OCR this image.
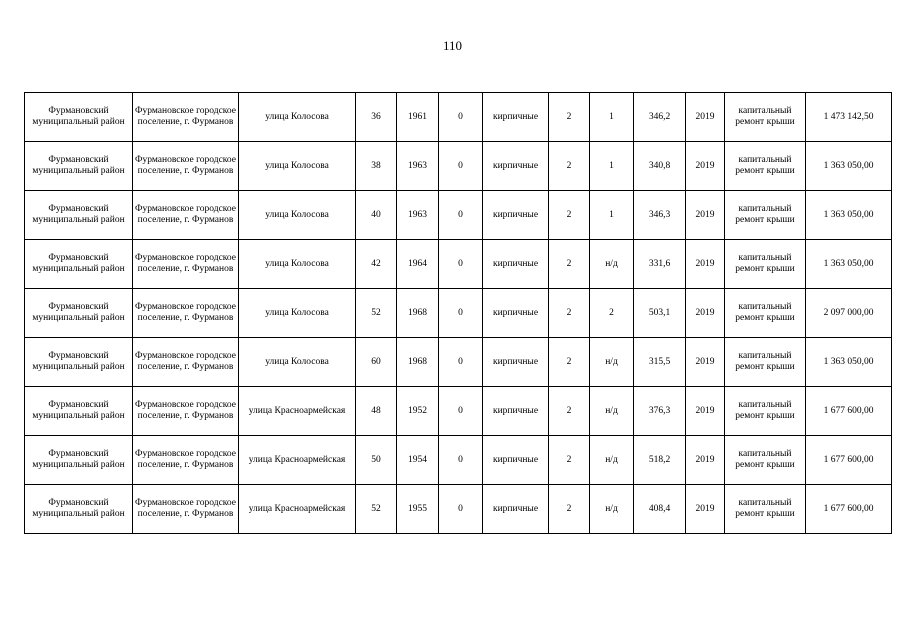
110
Фурмановский муниципальный район	Фурмановское городское поселение, г. Фурманов	улица Колосова	36	1961	0	кирпичные	2	1	346,2	2019	капитальный ремонт крыши	1 473 142,50
Фурмановский муниципальный район	Фурмановское городское поселение, г. Фурманов	улица Колосова	38	1963	0	кирпичные	2	1	340,8	2019	капитальный ремонт крыши	1 363 050,00
Фурмановский муниципальный район	Фурмановское городское поселение, г. Фурманов	улица Колосова	40	1963	0	кирпичные	2	1	346,3	2019	капитальный ремонт крыши	1 363 050,00
Фурмановский муниципальный район	Фурмановское городское поселение, г. Фурманов	улица Колосова	42	1964	0	кирпичные	2	н/д	331,6	2019	капитальный ремонт крыши	1 363 050,00
Фурмановский муниципальный район	Фурмановское городское поселение, г. Фурманов	улица Колосова	52	1968	0	кирпичные	2	2	503,1	2019	капитальный ремонт крыши	2 097 000,00
Фурмановский муниципальный район	Фурмановское городское поселение, г. Фурманов	улица Колосова	60	1968	0	кирпичные	2	н/д	315,5	2019	капитальный ремонт крыши	1 363 050,00
Фурмановский муниципальный район	Фурмановское городское поселение, г. Фурманов	улица Красноармейская	48	1952	0	кирпичные	2	н/д	376,3	2019	капитальный ремонт крыши	1 677 600,00
Фурмановский муниципальный район	Фурмановское городское поселение, г. Фурманов	улица Красноармейская	50	1954	0	кирпичные	2	н/д	518,2	2019	капитальный ремонт крыши	1 677 600,00
Фурмановский муниципальный район	Фурмановское городское поселение, г. Фурманов	улица Красноармейская	52	1955	0	кирпичные	2	н/д	408,4	2019	капитальный ремонт крыши	1 677 600,00
